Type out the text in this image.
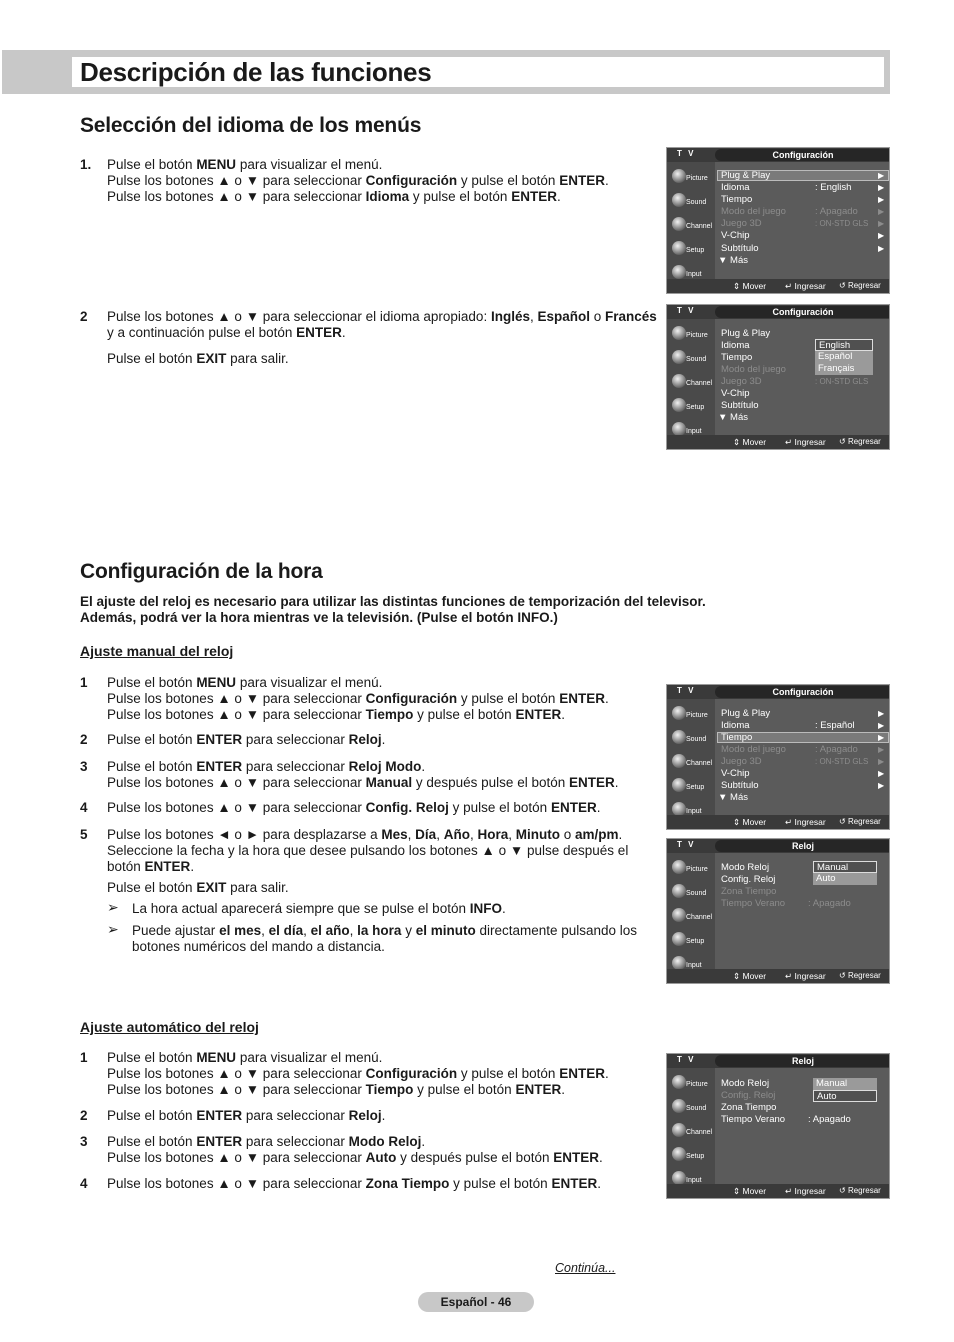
Descripción de las funciones
Selección del idioma de los menús
1. Pulse el botón MENU para visualizar el menú.
Pulse los botones ▲ o ▼ para seleccionar Configuración y pulse el botón ENTER.
Pulse los botones ▲ o ▼ para seleccionar Idioma y pulse el botón ENTER.
2 Pulse los botones ▲ o ▼ para seleccionar el idioma apropiado: Inglés, Español o Francés
y a continuación pulse el botón ENTER.
Pulse el botón EXIT para salir.
Configuración de la hora
El ajuste del reloj es necesario para utilizar las distintas funciones de temporización del televisor.
Además, podrá ver la hora mientras ve la televisión. (Pulse el botón INFO.)
Ajuste manual del reloj
1 Pulse el botón MENU para visualizar el menú.
Pulse los botones ▲ o ▼ para seleccionar Configuración y pulse el botón ENTER.
Pulse los botones ▲ o ▼ para seleccionar Tiempo y pulse el botón ENTER.
2 Pulse el botón ENTER para seleccionar Reloj.
3 Pulse el botón ENTER para seleccionar Reloj Modo.
Pulse los botones ▲ o ▼ para seleccionar Manual y después pulse el botón ENTER.
4 Pulse los botones ▲ o ▼ para seleccionar Config. Reloj y pulse el botón ENTER.
5 Pulse los botones ◄ o ► para desplazarse a Mes, Día, Año, Hora, Minuto o am/pm.
Seleccione la fecha y la hora que desee pulsando los botones ▲ o ▼ pulse después el
botón ENTER.
Pulse el botón EXIT para salir.
➢ La hora actual aparecerá siempre que se pulse el botón INFO.
➢ Puede ajustar el mes, el día, el año, la hora y el minuto directamente pulsando los
botones numéricos del mando a distancia.
Ajuste automático del reloj
1 Pulse el botón MENU para visualizar el menú.
Pulse los botones ▲ o ▼ para seleccionar Configuración y pulse el botón ENTER.
Pulse los botones ▲ o ▼ para seleccionar Tiempo y pulse el botón ENTER.
2 Pulse el botón ENTER para seleccionar Reloj.
3 Pulse el botón ENTER para seleccionar Modo Reloj.
Pulse los botones ▲ o ▼ para seleccionar Auto y después pulse el botón ENTER.
4 Pulse los botones ▲ o ▼ para seleccionar Zona Tiempo y pulse el botón ENTER.
T V	Configuración
Picture
Sound
Channel
Setup
Input
Plug & Play	▶
Idioma	: English	▶
Tiempo	▶
Modo del juego	: Apagado	▶
Juego 3D	: ON-STD GLS ▶
V-Chip	▶
Subtítulo	▶
▼ Más
⇕ Mover ↵ Ingresar ↺ Regresar
T V	Configuración
Picture
Sound
Channel
Setup
Input
Plug & Play
Idioma
Tiempo
Modo del juego
Juego 3D	: ON-STD GLS
V-Chip
Subtítulo
▼ Más
English
Español
Français
⇕ Mover ↵ Ingresar ↺ Regresar
T V	Configuración
Picture
Sound
Channel
Setup
Input
Plug & Play	▶
Idioma	: Español	▶
Tiempo	▶
Modo del juego	: Apagado	▶
Juego 3D	: ON-STD GLS ▶
V-Chip	▶
Subtítulo	▶
▼ Más
⇕ Mover ↵ Ingresar ↺ Regresar
T V	Reloj
Picture
Sound
Channel
Setup
Input
Modo Reloj
Config. Reloj
Zona Tiempo
Tiempo Verano : Apagado
Manual
Auto
⇕ Mover ↵ Ingresar ↺ Regresar
T V	Reloj
Picture
Sound
Channel
Setup
Input
Modo Reloj
Config. Reloj
Zona Tiempo
Tiempo Verano : Apagado
Manual
Auto
⇕ Mover ↵ Ingresar ↺ Regresar
Continúa...
Español - 46
